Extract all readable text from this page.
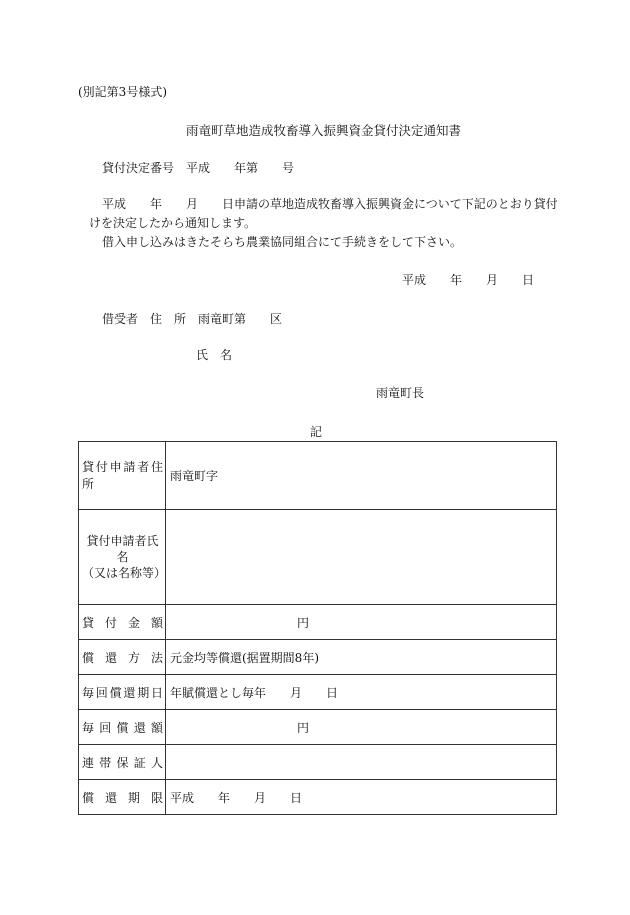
(別記第3号様式)
雨竜町草地造成牧畜導入振興資金貸付決定通知書
貸付決定番号　平成　　年第　　号
平成　　年　　月　　日申請の草地造成牧畜導入振興資金について下記のとおり貸付
けを決定したから通知します。
借入申し込みはきたそらち農業協同組合にて手続きをして下さい。
平成　　年　　月　　日
借受者　住　所　雨竜町第　　区
氏　名
雨竜町長
記
貸付申請者住所	雨竜町字
貸付申請者氏名
（又は名称等）	
貸付金額	円
償還方法	元金均等償還(据置期間8年)
毎回償還期日	年賦償還とし毎年　　月　　日
毎回償還額	円
連帯保証人	
償還期限	平成　　年　　月　　日
